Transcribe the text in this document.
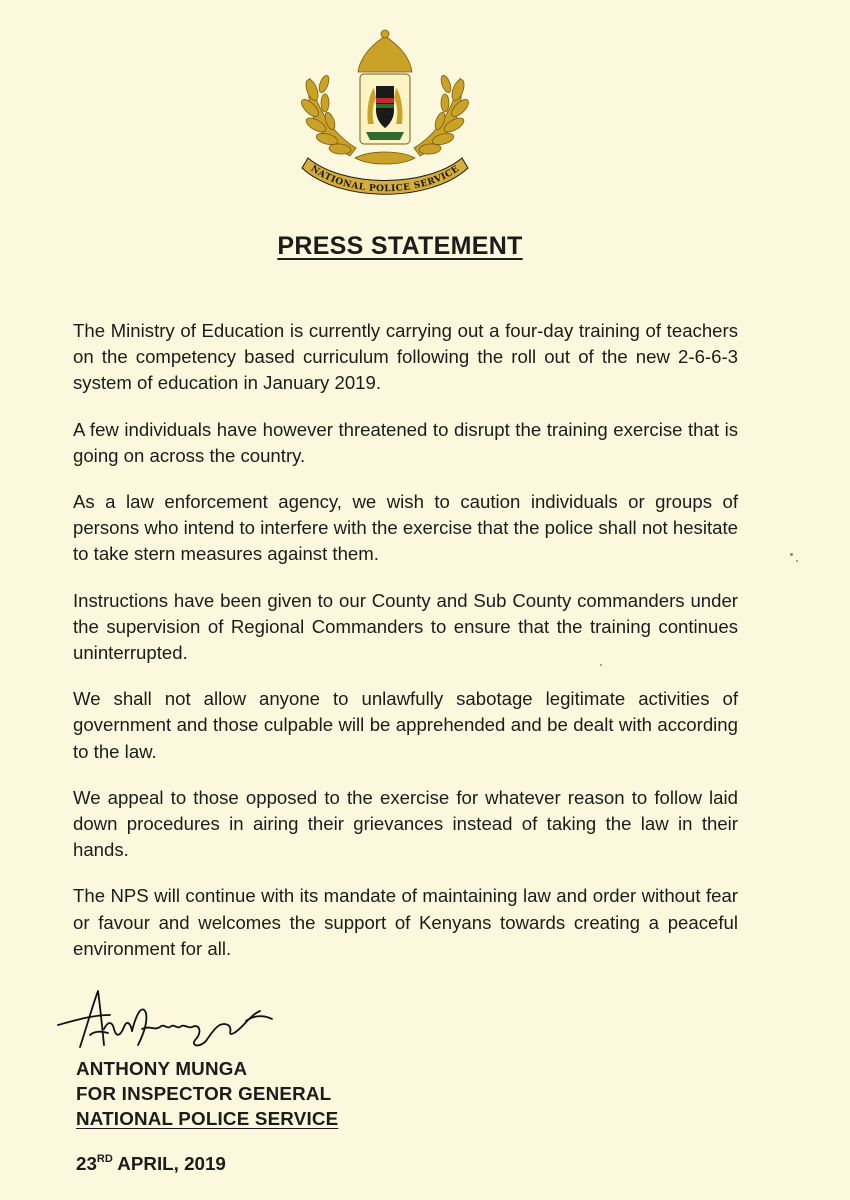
NATIONAL POLICE SERVICE
PRESS STATEMENT

The Ministry of Education is currently carrying out a four-day training of teachers on the competency based curriculum following the roll out of the new 2-6-6-3 system of education in January 2019.

A few individuals have however threatened to disrupt the training exercise that is going on across the country.

As a law enforcement agency, we wish to caution individuals or groups of persons who intend to interfere with the exercise that the police shall not hesitate to take stern measures against them.

Instructions have been given to our County and Sub County commanders under the supervision of Regional Commanders to ensure that the training continues uninterrupted.

We shall not allow anyone to unlawfully sabotage legitimate activities of government and those culpable will be apprehended and be dealt with according to the law.

We appeal to those opposed to the exercise for whatever reason to follow laid down procedures in airing their grievances instead of taking the law in their hands.

The NPS will continue with its mandate of maintaining law and order without fear or favour and welcomes the support of Kenyans towards creating a peaceful environment for all.

ANTHONY MUNGA
FOR INSPECTOR GENERAL
NATIONAL POLICE SERVICE
23RD APRIL, 2019
